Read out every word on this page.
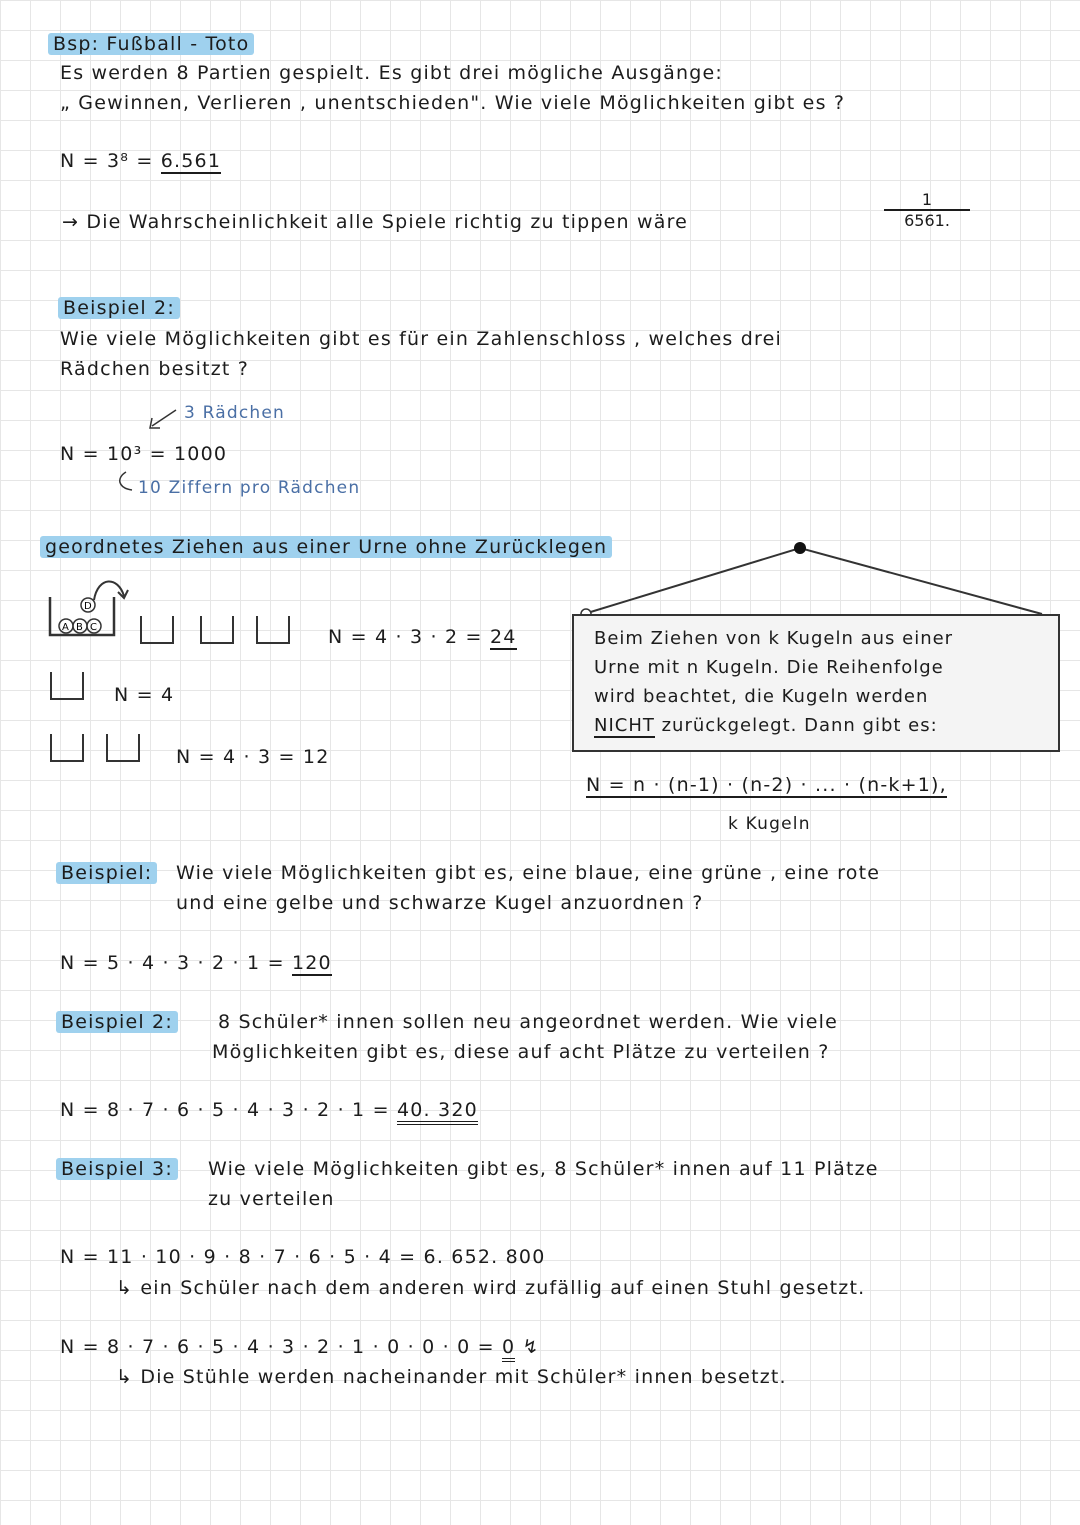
Bsp: Fußball - Toto
Es werden 8 Partien gespielt. Es gibt drei mögliche Ausgänge:
„ Gewinnen, Verlieren , unentschieden". Wie viele Möglichkeiten gibt es ?
N = 3⁸ = 6.561
→ Die Wahrscheinlichkeit alle Spiele richtig zu tippen wäre	$\frac{1}{6561.}$
Beispiel 2:
Wie viele Möglichkeiten gibt es für ein Zahlenschloss , welches drei
Rädchen besitzt ?
3 Rädchen
N = 10³ = 1000
10 Ziffern pro Rädchen
geordnetes Ziehen aus einer Urne ohne Zurücklegen
A B C
D
N = 4 · 3 · 2 = 24
N = 4
N = 4 · 3 = 12
Beim Ziehen von k Kugeln aus einer
Urne mit n Kugeln. Die Reihenfolge
wird beachtet, die Kugeln werden
NICHT zurückgelegt. Dann gibt es:
N = n · (n-1) · (n-2) · ... · (n-k+1),
k Kugeln
Beispiel: Wie viele Möglichkeiten gibt es, eine blaue, eine grüne , eine rote
und eine gelbe und schwarze Kugel anzuordnen ?
N = 5 · 4 · 3 · 2 · 1 = 120
Beispiel 2: 8 Schüler* innen sollen neu angeordnet werden. Wie viele
Möglichkeiten gibt es, diese auf acht Plätze zu verteilen ?
N = 8 · 7 · 6 · 5 · 4 · 3 · 2 · 1 = 40. 320
Beispiel 3: Wie viele Möglichkeiten gibt es, 8 Schüler* innen auf 11 Plätze
zu verteilen
N = 11 · 10 · 9 · 8 · 7 · 6 · 5 · 4 = 6. 652. 800
↳ ein Schüler nach dem anderen wird zufällig auf einen Stuhl gesetzt.
N = 8 · 7 · 6 · 5 · 4 · 3 · 2 · 1 · 0 · 0 · 0 = 0 ↯
↳ Die Stühle werden nacheinander mit Schüler* innen besetzt.
